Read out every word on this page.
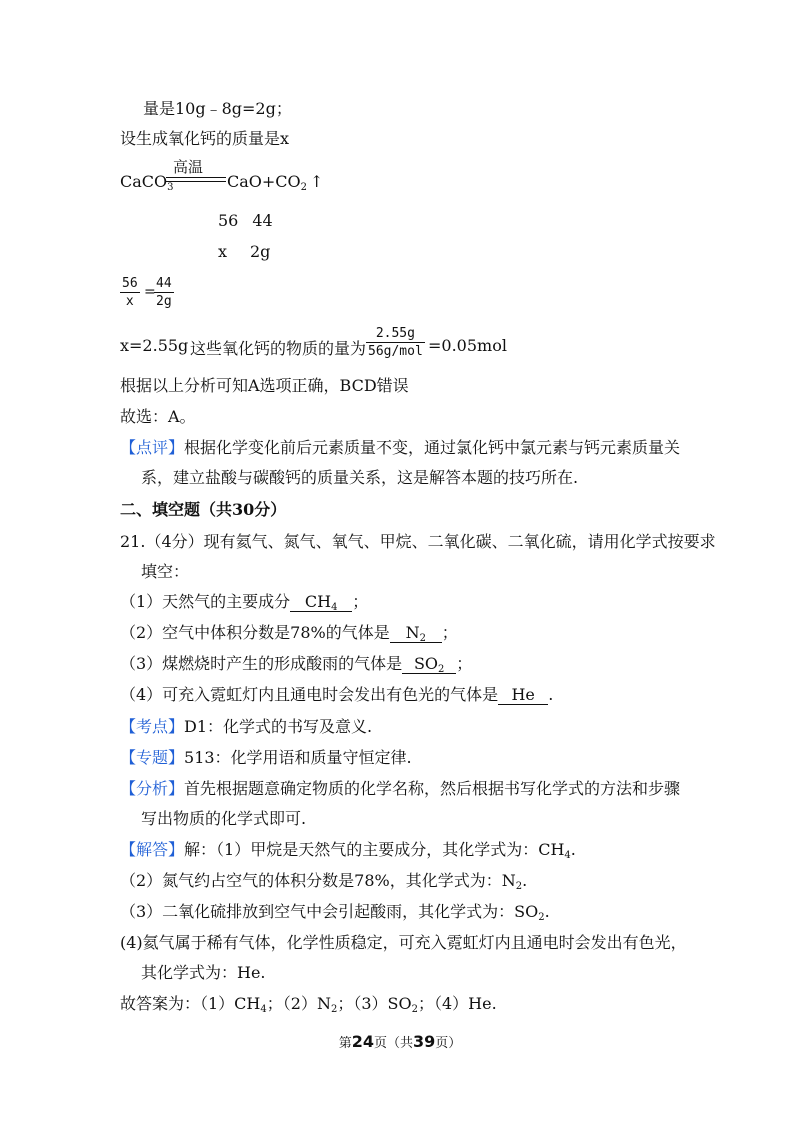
量是10g﹣8g=2g；
设生成氧化钙的质量是x
CaCO$_3$
高温
$CaO+CO_2$ ↑
56 44
x 2g
56
x
=
44
2g
x=2.55g 这些氧化钙的物质的量为
2.55g
56g/mol =0.05mol
根据以上分析可知A选项正确，BCD错误
故选：A。
【点评】根据化学变化前后元素质量不变，通过氯化钙中氯元素与钙元素质量关
系，建立盐酸与碳酸钙的质量关系，这是解答本题的技巧所在.
二、填空题（共30分）
21.（4分）现有氦气、氮气、氧气、甲烷、二氧化碳、二氧化硫，请用化学式按要求
填空：
（1）天然气的主要成分 $CH_4$ ；
（2）空气中体积分数是78%的气体是 $N_2$ ；
（3）煤燃烧时产生的形成酸雨的气体是 $SO_2$ ；
（4）可充入霓虹灯内且通电时会发出有色光的气体是 He .
【考点】D1：化学式的书写及意义.
【专题】513：化学用语和质量守恒定律.
【分析】首先根据题意确定物质的化学名称，然后根据书写化学式的方法和步骤
写出物质的化学式即可.
【解答】解：（1）甲烷是天然气的主要成分，其化学式为：$CH_4$.
（2）氮气约占空气的体积分数是78%，其化学式为：$N_2$.
（3）二氧化硫排放到空气中会引起酸雨，其化学式为：$SO_2$.
(4)氦气属于稀有气体，化学性质稳定，可充入霓虹灯内且通电时会发出有色光，
其化学式为：He.
故答案为：$(1)CH_4$；$(2)N_2$；$(3)SO_2$；（4）He.
第24页（共39页）
